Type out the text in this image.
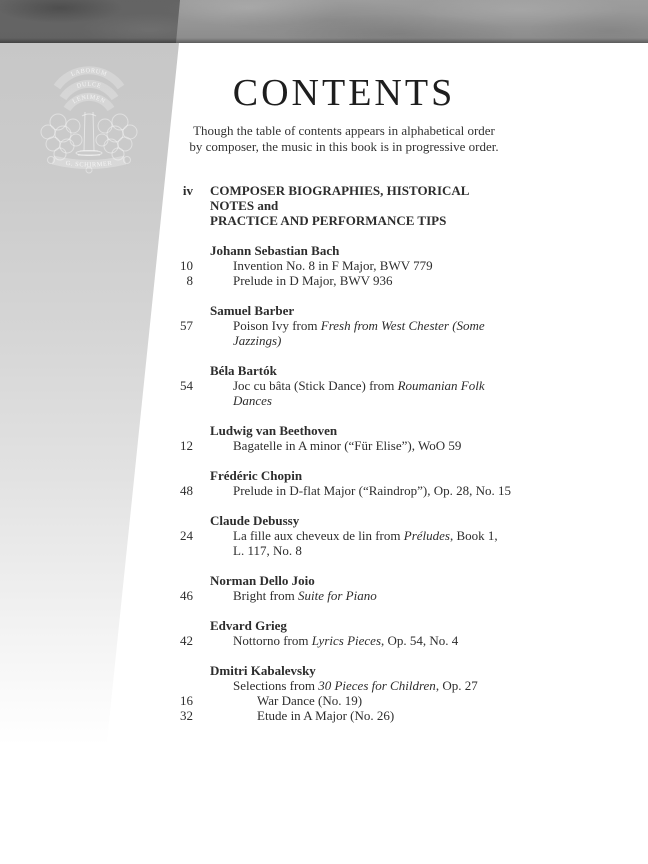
LABORUM
DULCE
LENIMEN
G. SCHIRMER
CONTENTS
Though the table of contents appears in alphabetical order
by composer, the music in this book is in progressive order.
iv COMPOSER BIOGRAPHIES, HISTORICAL NOTES and
PRACTICE AND PERFORMANCE TIPS
Johann Sebastian Bach
10	Invention No. 8 in F Major, BWV 779
8	Prelude in D Major, BWV 936
Samuel Barber
57	Poison Ivy from Fresh from West Chester (Some Jazzings)
Béla Bartók
54	Joc cu bâta (Stick Dance) from Roumanian Folk Dances
Ludwig van Beethoven
12	Bagatelle in A minor (“Für Elise”), WoO 59
Frédéric Chopin
48	Prelude in D-flat Major (“Raindrop”), Op. 28, No. 15
Claude Debussy
24	La fille aux cheveux de lin from Préludes, Book 1, L. 117, No. 8
Norman Dello Joio
46	Bright from Suite for Piano
Edvard Grieg
42	Nottorno from Lyrics Pieces, Op. 54, No. 4
Dmitri Kabalevsky
Selections from 30 Pieces for Children, Op. 27
16	War Dance (No. 19)
32	Etude in A Major (No. 26)
